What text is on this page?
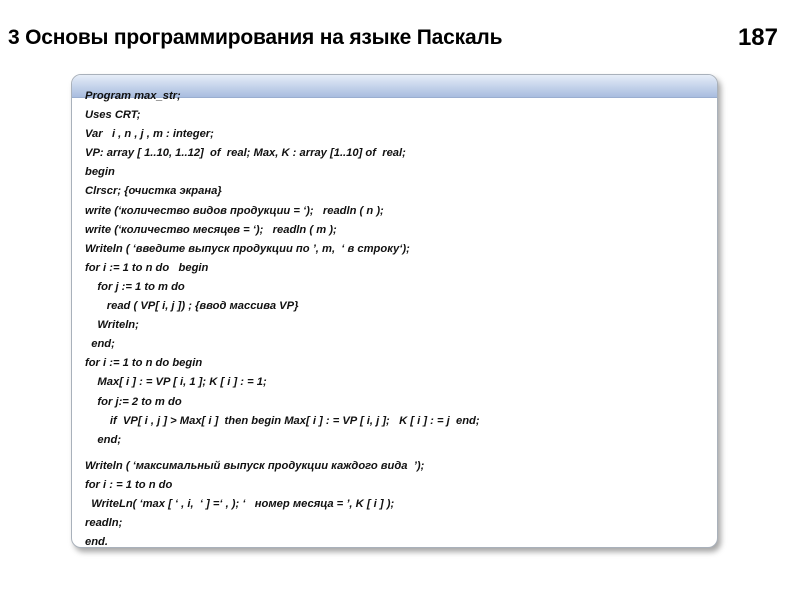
3 Основы программирования на языке Паскаль	187
Program max_str;
Uses CRT;
Var   i , n , j , m : integer;
VP: array [ 1..10, 1..12]  of  real; Max, K : array [1..10] of  real;
begin
Clrscr; {очистка экрана}
write (‘количество видов продукции = ‘);   readln ( n );
write (‘количество месяцев = ‘);   readln ( m );
Writeln ( ‘введите выпуск продукции по ’, m,  ‘ в строку‘);
for i := 1 to n do   begin
for j := 1 to m do
read ( VP[ i, j ]) ; {ввод массива VP}
Writeln;
end;
for i := 1 to n do begin
Max[ i ] : = VP [ i, 1 ]; K [ i ] : = 1;
for j:= 2 to m do
if  VP[ i , j ] > Max[ i ]  then begin Max[ i ] : = VP [ i, j ];   K [ i ] : = j  end;
end;
Writeln ( ‘максимальный выпуск продукции каждого вида  ’);
for i : = 1 to n do
WriteLn( ‘max [ ‘ , i,  ‘ ] =‘ , ); ‘   номер месяца = ’, K [ i ] );
readln;
end.
